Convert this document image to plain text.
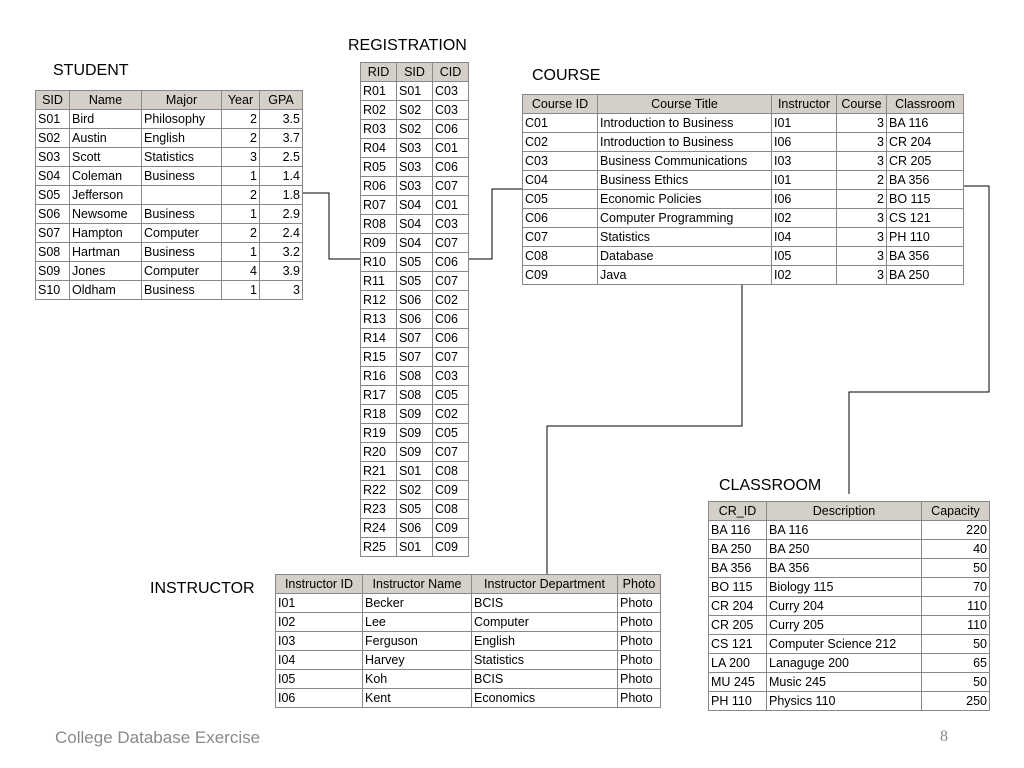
STUDENT
SID	Name	Major	Year	GPA
S01	Bird	Philosophy	2	3.5
S02	Austin	English	2	3.7
S03	Scott	Statistics	3	2.5
S04	Coleman	Business	1	1.4
S05	Jefferson		2	1.8
S06	Newsome	Business	1	2.9
S07	Hampton	Computer	2	2.4
S08	Hartman	Business	1	3.2
S09	Jones	Computer	4	3.9
S10	Oldham	Business	1	3
REGISTRATION
RID	SID	CID
R01	S01	C03
R02	S02	C03
R03	S02	C06
R04	S03	C01
R05	S03	C06
R06	S03	C07
R07	S04	C01
R08	S04	C03
R09	S04	C07
R10	S05	C06
R11	S05	C07
R12	S06	C02
R13	S06	C06
R14	S07	C06
R15	S07	C07
R16	S08	C03
R17	S08	C05
R18	S09	C02
R19	S09	C05
R20	S09	C07
R21	S01	C08
R22	S02	C09
R23	S05	C08
R24	S06	C09
R25	S01	C09
COURSE
Course ID	Course Title	Instructor	Course	Classroom
C01	Introduction to Business	I01	3	BA 116
C02	Introduction to Business	I06	3	CR 204
C03	Business Communications	I03	3	CR 205
C04	Business Ethics	I01	2	BA 356
C05	Economic Policies	I06	2	BO 115
C06	Computer Programming	I02	3	CS 121
C07	Statistics	I04	3	PH 110
C08	Database	I05	3	BA 356
C09	Java	I02	3	BA 250
CLASSROOM
CR_ID	Description	Capacity
BA 116	BA 116	220
BA 250	BA 250	40
BA 356	BA 356	50
BO 115	Biology 115	70
CR 204	Curry 204	110
CR 205	Curry 205	110
CS 121	Computer Science 212	50
LA 200	Lanaguge 200	65
MU 245	Music 245	50
PH 110	Physics 110	250
INSTRUCTOR Instructor ID	Instructor Name	Instructor Department	Photo
I01	Becker	BCIS	Photo
I02	Lee	Computer	Photo
I03	Ferguson	English	Photo
I04	Harvey	Statistics	Photo
I05	Koh	BCIS	Photo
I06	Kent	Economics	Photo
College Database Exercise	8
